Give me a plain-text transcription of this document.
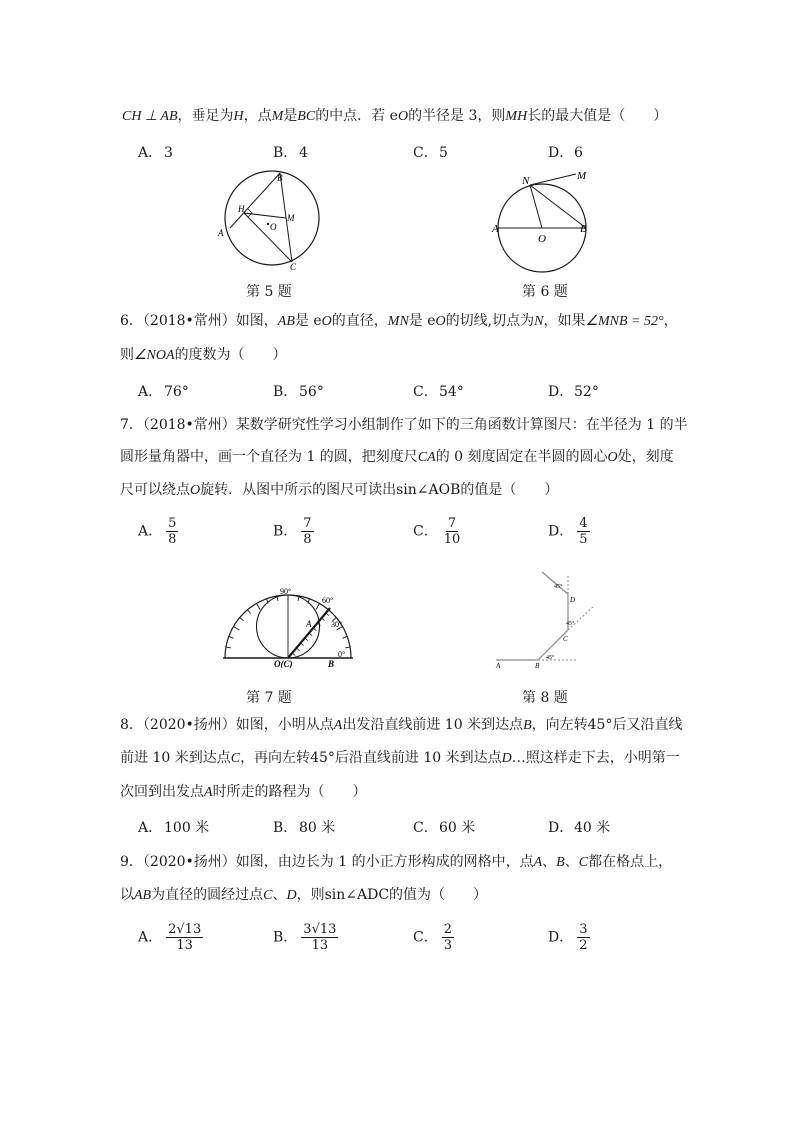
CH ⊥ AB，垂足为H，点M是BC的中点．若 eO的半径是 3，则MH长的最大值是（　　）
A． 3	B． 4	C．5	D．6
B
H
M
O
A
C
第 5 题
N	M
A
O
B
第 6 题
6．（2018•常州）如图，AB是 eO的直径，MN是 eO的切线,切点为N，如果∠MNB = 52°，
则∠NOA的度数为（　　）
A． 76°	B． 56°	C．54°	D．52°
7．（2018•常州）某数学研究性学习小组制作了如下的三角函数计算图尺：在半径为 1 的半
圆形量角器中，画一个直径为 1 的圆，把刻度尺CA的 0 刻度固定在半圆的圆心O处，刻度
尺可以绕点O旋转．从图中所示的图尺可读出sin∠AOB的值是（　　）
A． $\frac{5}{8}$	B． $\frac{7}{8}$	C． $\frac{7}{10}$	D． $\frac{4}{5}$
90°
60°
30°
0°
A
O(C)	B
第 7 题
A	B
C
D
45°
45°
45°
第 8 题
8．（2020•扬州）如图，小明从点A出发沿直线前进 10 米到达点B，向左转45°后又沿直线
前进 10 米到达点C，再向左转45°后沿直线前进 10 米到达点D…照这样走下去，小明第一
次回到出发点A时所走的路程为（　　）
A． 100 米	B． 80 米	C．60 米	D．40 米
9．（2020•扬州）如图，由边长为 1 的小正方形构成的网格中，点A、B、C都在格点上，
以AB为直径的圆经过点C、D，则sin∠ADC的值为（　　）
A． $\frac{2√13}{13}$	B． $\frac{3√13}{13}$	C． $\frac{2}{3}$	D． $\frac{3}{2}$
